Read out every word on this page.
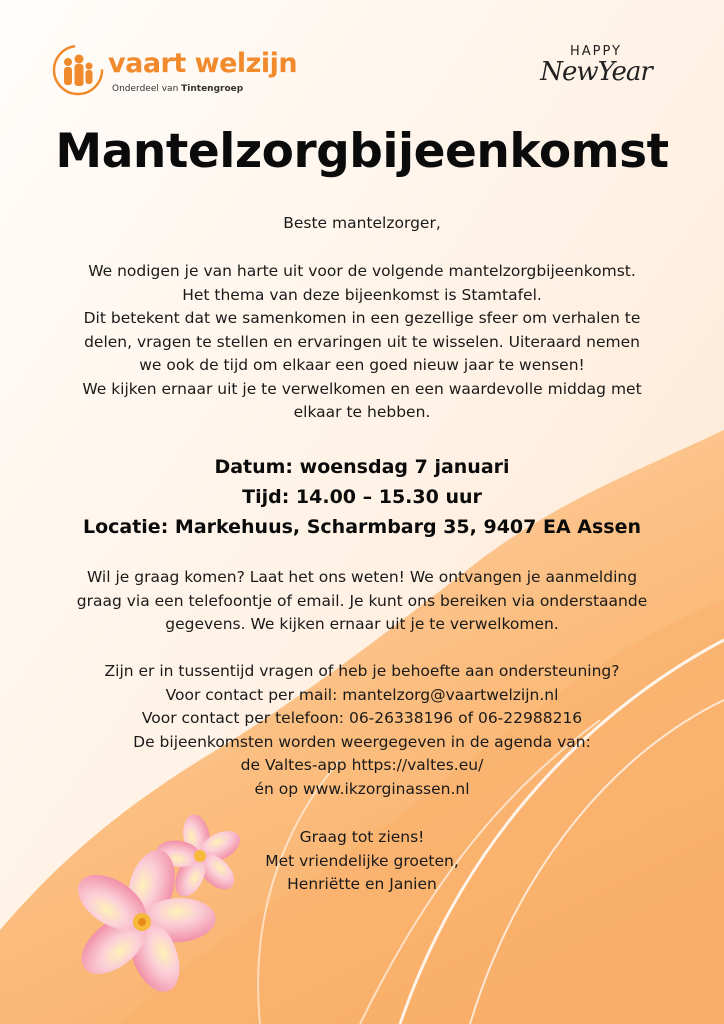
vaart welzijn
Onderdeel van Tintengroep
HAPPY
NewYear
Mantelzorgbijeenkomst
Beste mantelzorger,
We nodigen je van harte uit voor de volgende mantelzorgbijeenkomst.
Het thema van deze bijeenkomst is Stamtafel.
Dit betekent dat we samenkomen in een gezellige sfeer om verhalen te
delen, vragen te stellen en ervaringen uit te wisselen. Uiteraard nemen
we ook de tijd om elkaar een goed nieuw jaar te wensen!
We kijken ernaar uit je te verwelkomen en een waardevolle middag met
elkaar te hebben.
Datum: woensdag 7 januari
Tijd: 14.00 – 15.30 uur
Locatie: Markehuus, Scharmbarg 35, 9407 EA Assen
Wil je graag komen? Laat het ons weten! We ontvangen je aanmelding
graag via een telefoontje of email. Je kunt ons bereiken via onderstaande
gegevens. We kijken ernaar uit je te verwelkomen.
Zijn er in tussentijd vragen of heb je behoefte aan ondersteuning?
Voor contact per mail: mantelzorg@vaartwelzijn.nl
Voor contact per telefoon: 06-26338196 of 06-22988216
De bijeenkomsten worden weergegeven in de agenda van:
de Valtes-app https://valtes.eu/
én op www.ikzorginassen.nl
Graag tot ziens!
Met vriendelijke groeten,
Henriëtte en Janien
